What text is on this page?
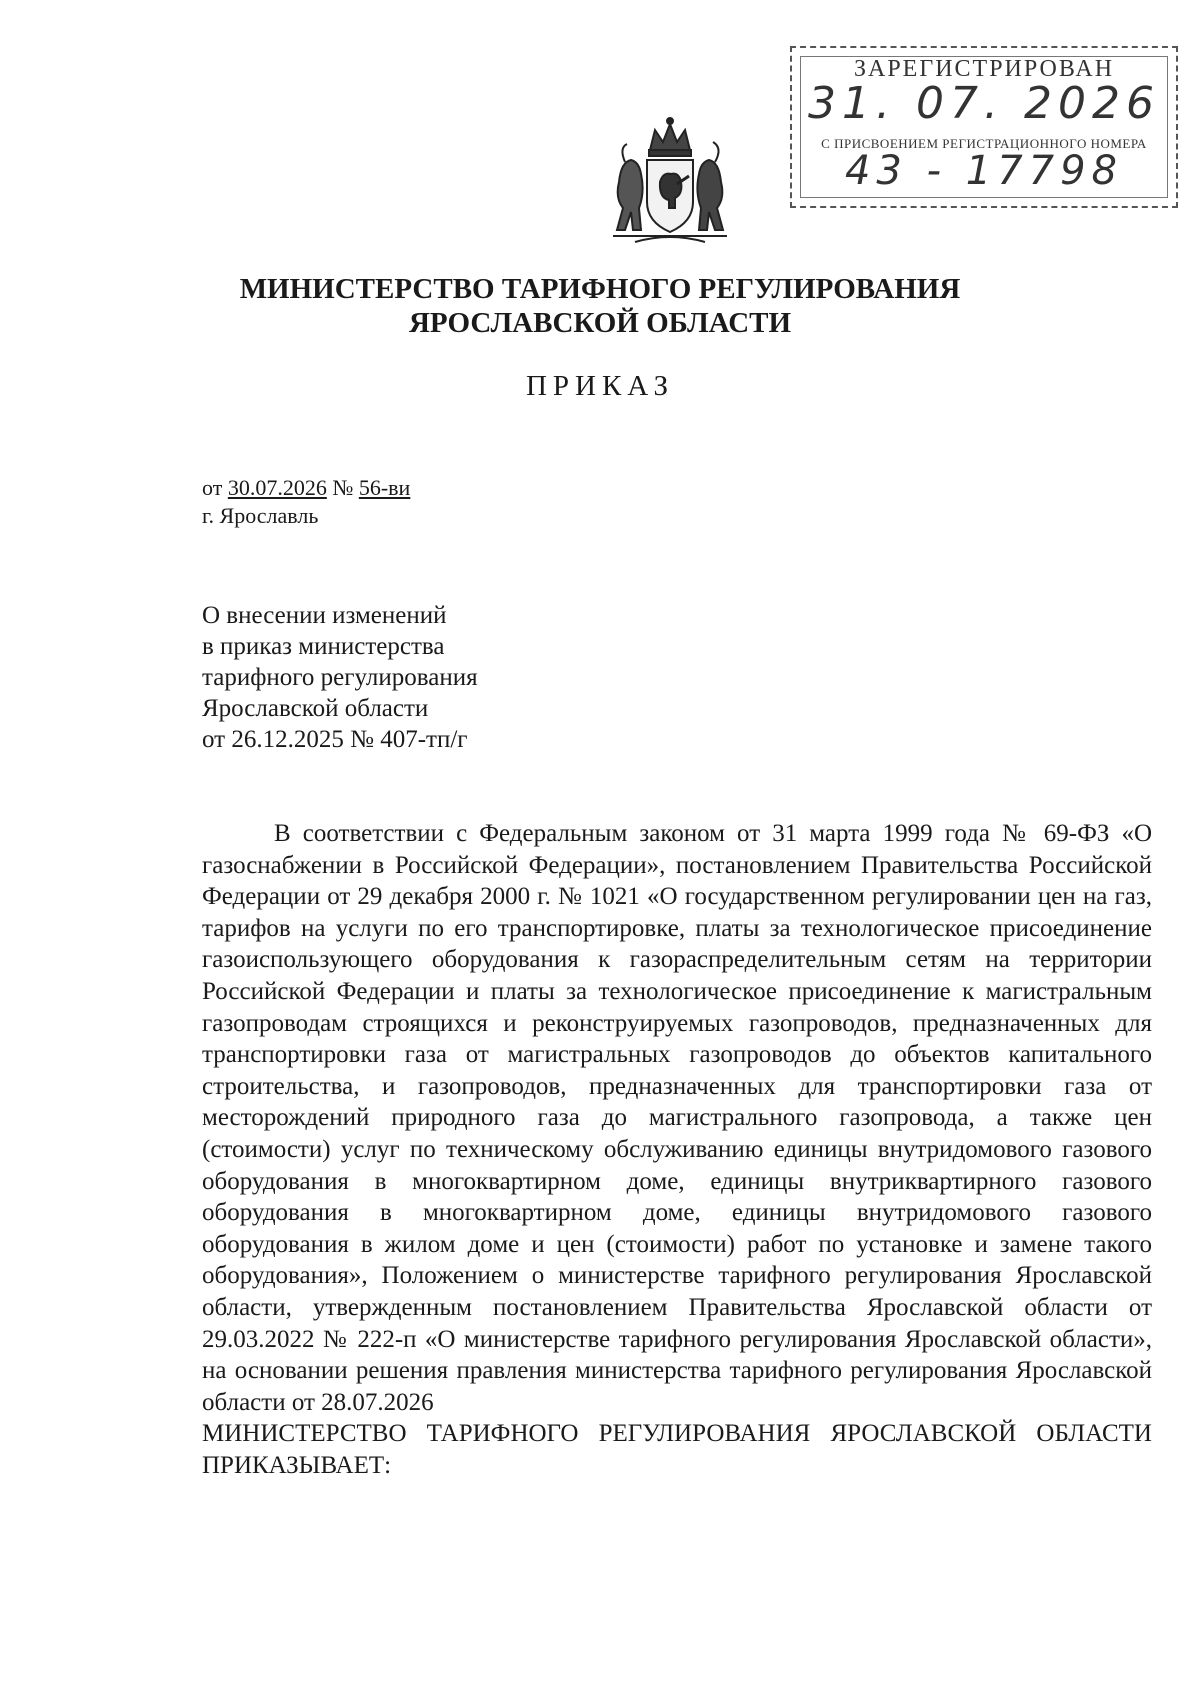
ЗАРЕГИСТРИРОВАН
31. 07. 2026
С ПРИСВОЕНИЕМ РЕГИСТРАЦИОННОГО НОМЕРА
43 - 17798
МИНИСТЕРСТВО ТАРИФНОГО РЕГУЛИРОВАНИЯ
ЯРОСЛАВСКОЙ ОБЛАСТИ
ПРИКАЗ
от 30.07.2026 № 56-ви
г. Ярославль
О внесении изменений
в приказ министерства
тарифного регулирования
Ярославской области
от 26.12.2025 № 407-тп/г

В соответствии с Федеральным законом от 31 марта 1999 года № 69-ФЗ «О газоснабжении в Российской Федерации», постановлением Правительства Российской Федерации от 29 декабря 2000 г. № 1021 «О государственном регулировании цен на газ, тарифов на услуги по его транспортировке, платы за технологическое присоединение газоиспользующего оборудования к газораспределительным сетям на территории Российской Федерации и платы за технологическое присоединение к магистральным газопроводам строящихся и реконструируемых газопроводов, предназначенных для транспортировки газа от магистральных газопроводов до объектов капитального строительства, и газопроводов, предназначенных для транспортировки газа от месторождений природного газа до магистрального газопровода, а также цен (стоимости) услуг по техническому обслуживанию единицы внутридомового газового оборудования в многоквартирном доме, единицы внутриквартирного газового оборудования в многоквартирном доме, единицы внутридомового газового оборудования в жилом доме и цен (стоимости) работ по установке и замене такого оборудования», Положением о министерстве тарифного регулирования Ярославской области, утвержденным постановлением Правительства Ярославской области от 29.03.2022 № 222-п «О министерстве тарифного регулирования Ярославской области», на основании решения правления министерства тарифного регулирования Ярославской области от 28.07.2026

МИНИСТЕРСТВО ТАРИФНОГО РЕГУЛИРОВАНИЯ ЯРОСЛАВСКОЙ ОБЛАСТИ ПРИКАЗЫВАЕТ:
